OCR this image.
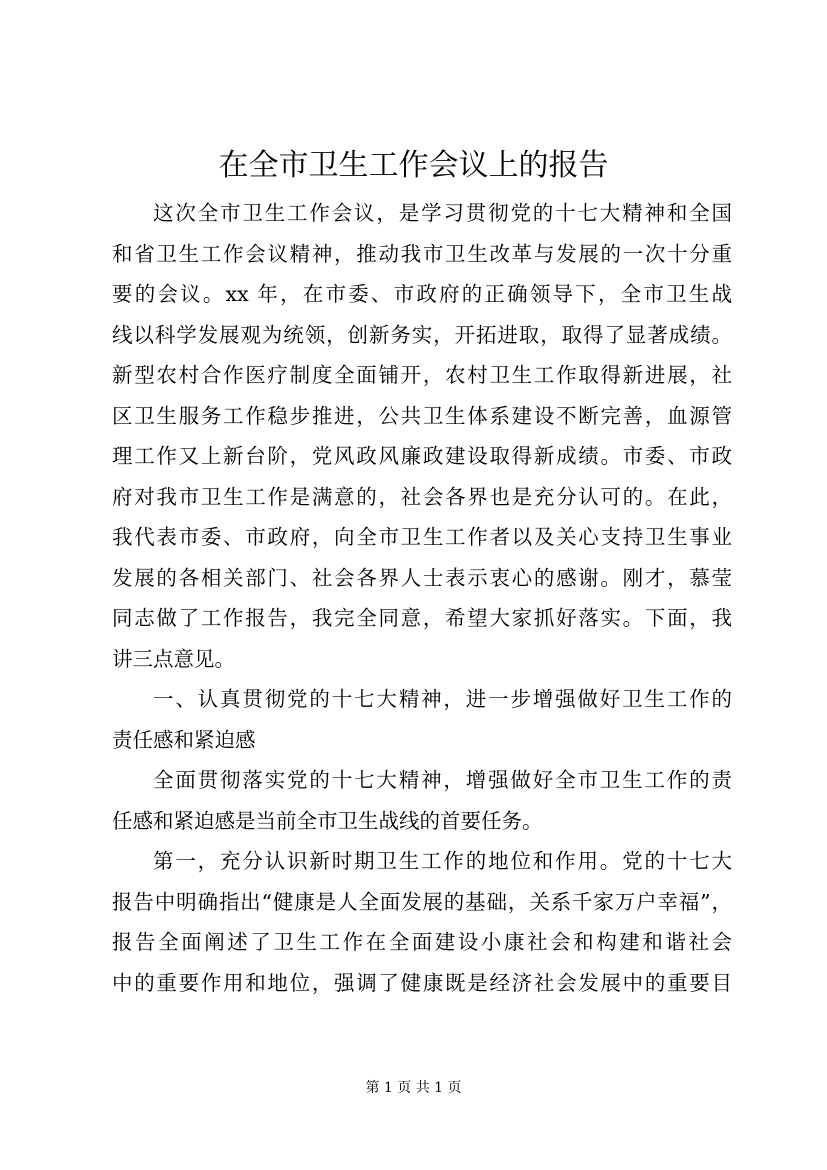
在全市卫生工作会议上的报告
这次全市卫生工作会议，是学习贯彻党的十七大精神和全国
和省卫生工作会议精神，推动我市卫生改革与发展的一次十分重
要的会议。xx 年，在市委、市政府的正确领导下，全市卫生战
线以科学发展观为统领，创新务实，开拓进取，取得了显著成绩。
新型农村合作医疗制度全面铺开，农村卫生工作取得新进展，社
区卫生服务工作稳步推进，公共卫生体系建设不断完善，血源管
理工作又上新台阶，党风政风廉政建设取得新成绩。市委、市政
府对我市卫生工作是满意的，社会各界也是充分认可的。在此，
我代表市委、市政府，向全市卫生工作者以及关心支持卫生事业
发展的各相关部门、社会各界人士表示衷心的感谢。刚才，慕莹
同志做了工作报告，我完全同意，希望大家抓好落实。下面，我
讲三点意见。
一、认真贯彻党的十七大精神，进一步增强做好卫生工作的
责任感和紧迫感
全面贯彻落实党的十七大精神，增强做好全市卫生工作的责
任感和紧迫感是当前全市卫生战线的首要任务。
第一，充分认识新时期卫生工作的地位和作用。党的十七大
报告中明确指出“健康是人全面发展的基础，关系千家万户幸福”，
报告全面阐述了卫生工作在全面建设小康社会和构建和谐社会
中的重要作用和地位，强调了健康既是经济社会发展中的重要目
第 1 页 共 1 页
